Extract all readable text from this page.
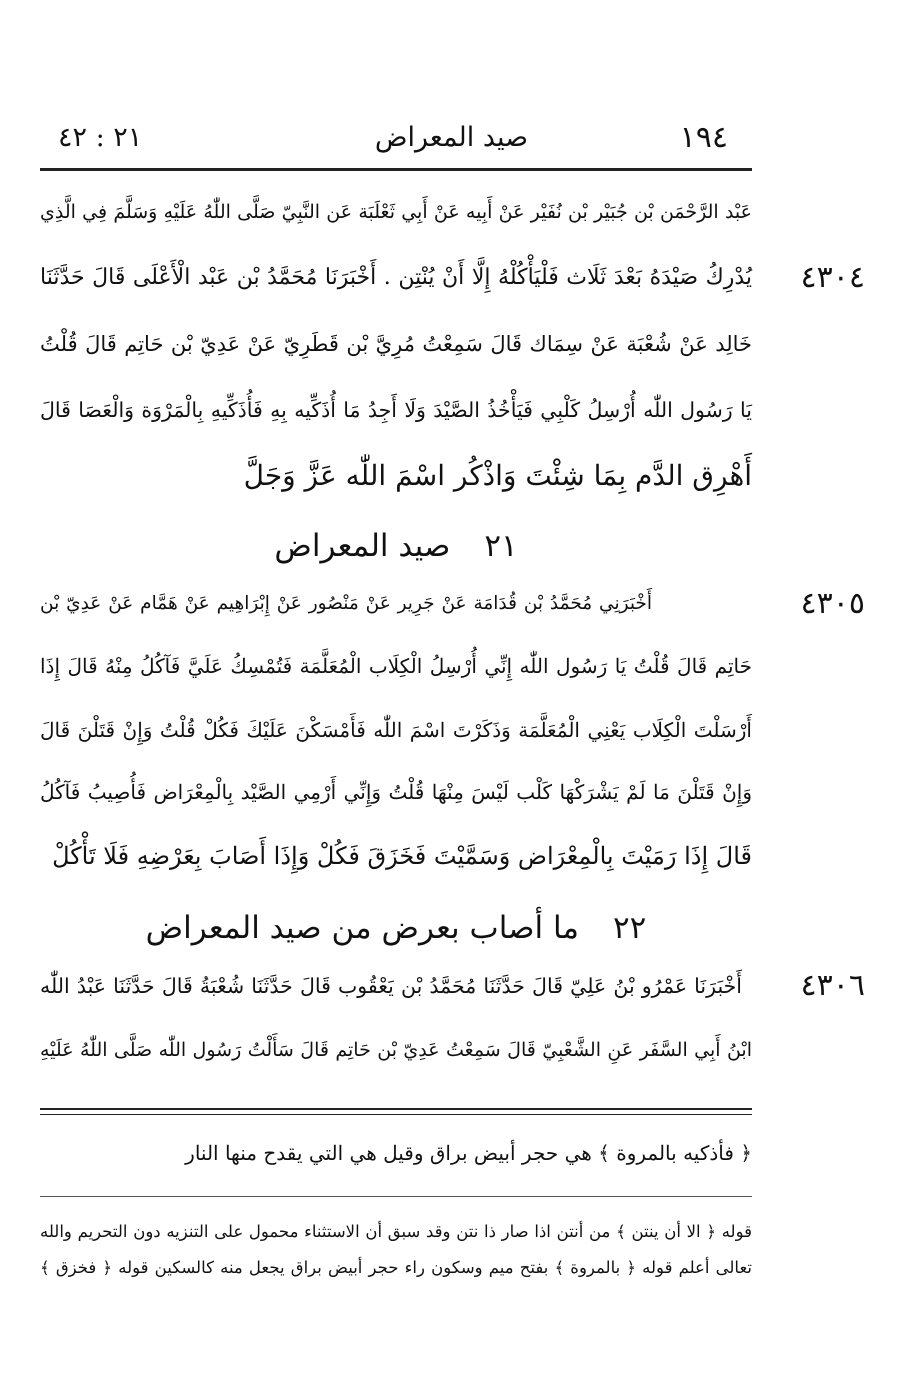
١٩٤
صيد المعراض
٢١ : ٤٢
عَبْد الرَّحْمَن بْن جُبَيْر بْن نُفَيْر عَنْ أَبِيه عَنْ أَبِي ثَعْلَبَة عَن النَّبِيّ صَلَّى اللّٰهُ عَلَيْهِ وَسَلَّمَ فِي الَّذِي
٤٣٠٤
يُدْرِكُ صَيْدَهُ بَعْدَ ثَلَاث فَلْيَأْكُلْهُ إِلَّا أَنْ يُنْتِن . أَخْبَرَنَا مُحَمَّدُ بْن عَبْد الْأَعْلَى قَالَ حَدَّثَنَا
خَالِد عَنْ شُعْبَة عَنْ سِمَاك قَالَ سَمِعْتُ مُرِيَّ بْن قَطَرِيّ عَنْ عَدِيّ بْن حَاتِم قَالَ قُلْتُ
يَا رَسُول اللّٰه أُرْسِلُ كَلْبِي فَيَأْخُذُ الصَّيْدَ وَلَا أَجِدُ مَا أُذَكِّيه بِهِ فَأُذَكِّيهِ بِالْمَرْوَة وَالْعَصَا قَالَ
أَهْرِق الدَّم بِمَا شِئْتَ وَاذْكُر اسْمَ اللّٰه عَزَّ وَجَلَّ
٢١صيد المعراض
٤٣٠٥
أَخْبَرَنِي مُحَمَّدُ بْن قُدَامَة عَنْ جَرِير عَنْ مَنْصُور عَنْ إِبْرَاهِيم عَنْ هَمَّام عَنْ عَدِيّ بْن
حَاتِم قَالَ قُلْتُ يَا رَسُول اللّٰه إِنِّي أُرْسِلُ الْكِلَاب الْمُعَلَّمَة فَتُمْسِكُ عَلَيَّ فَآكُلُ مِنْهُ قَالَ إِذَا
أَرْسَلْتَ الْكِلَاب يَعْنِي الْمُعَلَّمَة وَذَكَرْتَ اسْمَ اللّٰه فَأَمْسَكْنَ عَلَيْكَ فَكُلْ قُلْتُ وَإِنْ قَتَلْنَ قَالَ
وَإِنْ قَتَلْنَ مَا لَمْ يَشْرَكْهَا كَلْب لَيْسَ مِنْهَا قُلْتُ وَإِنِّي أَرْمِي الصَّيْد بِالْمِعْرَاض فَأُصِيبُ فَآكُلُ
قَالَ إِذَا رَمَيْتَ بِالْمِعْرَاض وَسَمَّيْتَ فَخَزَقَ فَكُلْ وَإِذَا أَصَابَ بِعَرْضِهِ فَلَا تَأْكُلْ
٢٢ما أصاب بعرض من صيد المعراض
٤٣٠٦
أَخْبَرَنَا عَمْرُو بْنُ عَلِيّ قَالَ حَدَّثَنَا مُحَمَّدُ بْن يَعْقُوب قَالَ حَدَّثَنَا شُعْبَةُ قَالَ حَدَّثَنَا عَبْدُ اللّٰه
ابْنُ أَبِي السَّفَر عَنِ الشَّعْبِيّ قَالَ سَمِعْتُ عَدِيّ بْن حَاتِم قَالَ سَأَلْتُ رَسُول اللّٰه صَلَّى اللّٰهُ عَلَيْهِ
﴿ فأذكيه بالمروة ﴾ هي حجر أبيض براق وقيل هي التي يقدح منها النار
قوله ﴿ الا أن ينتن ﴾ من أنتن اذا صار ذا نتن وقد سبق أن الاستثناء محمول على التنزيه دون التحريم والله
تعالى أعلم قوله ﴿ بالمروة ﴾ بفتح ميم وسكون راء حجر أبيض براق يجعل منه كالسكين قوله ﴿ فخزق ﴾
